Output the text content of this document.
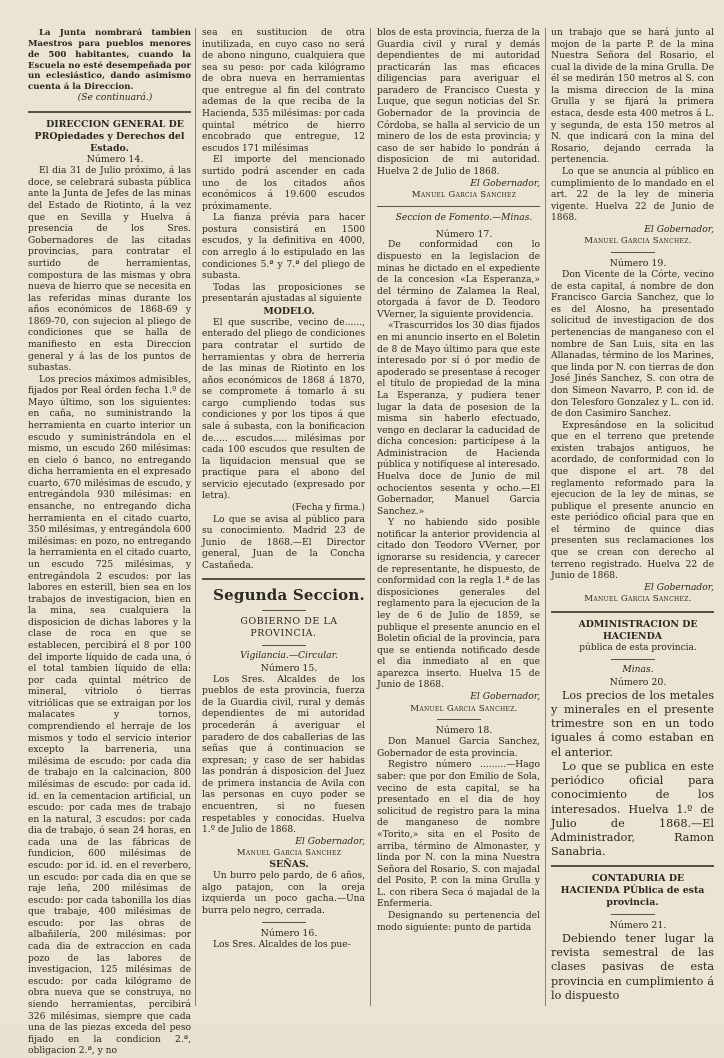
La Junta nombrará tambien Maestros para pueblos menores de 500 habitantes, cuando la Escuela no esté desempeñada por un eclesiástico, dando asimismo cuenta á la Direccion.

(Se continuará.)

DIRECCION GENERAL DE PROpiedades y Derechos del Estado.

Número 14.

El dia 31 de Julio próximo, á las doce, se celebrará subasta pública ante la Junta de Jefes de las minas del Estado de Riotinto, á la vez que en Sevilla y Huelva á presencia de los Sres. Gobernadores de las citadas provincias, para contratar el surtido de herramientas, compostura de las mismas y obra nueva de hierro que se necesita en las referidas minas durante los años económicos de 1868-69 y 1869-70, con sujecion al pliego de condiciones que se halla de manifiesto en esta Direccion general y á las de los puntos de subastas.

Los precios máximos admisibles, fijados por Real órden fecha 1.º de Mayo último, son los siguientes: en caña, no suministrando la herramienta en cuarto interior un escudo y suministrándola en el mismo, un escudo 260 milésimas: en cielo ó banco, no entregando dicha herramienta en el expresado cuarto, 670 milésimas de escudo, y entregándola 930 milésimas: en ensanche, no entregando dicha herramienta en el citado cuarto, 350 milésimas, y entregándola 600 milésimas: en pozo, no entregando la herramienta en el citado cuarto, un escudo 725 milésimas, y entregándola 2 escudos: por las labores en esterill, bien sea en los trabajos de investigacion, bien en la mina, sea cualquiera la disposicion de dichas labores y la clase de roca en que se establecen, percibirá el 8 por 100 del importe líquido de cada una, ó el total tambien líquido de ella: por cada quintal métrico de mineral, vitriolo ó tierras vitriólicas que se extraigan por los malacates y tornos, comprendiendo el herraje de los mismos y todo el servicio interior excepto la barreneria, una milésima de escudo: por cada dia de trabajo en la calcinacion, 800 milésimas de escudo: por cada id. id. en la cementacion artificial, un escudo: por cada mes de trabajo en la natural, 3 escudos: por cada dia de trabajo, ó sean 24 horas, en cada una de las fábricas de fundicion, 600 milésimas de escudo: por id. id. en el reverbero, un escudo: por cada dia en que se raje leña, 200 milésimas de escudo: por cada tabonilla los dias que trabaje, 400 milésimas de escudo: por las obras de albañilería, 200 milésimas: por cada dia de extraccion en cada pozo de las labores de investigacion, 125 milésimas de escudo: por cada kilógramo de obra nueva que se construya, no siendo herramientas, percibirá 326 milésimas, siempre que cada una de las piezas exceda del peso fijado en la condicion 2.ª, obligacion 2.ª, y no

sea en sustitucion de otra inutilizada, en cuyo caso no será de abono ninguno, cualquiera que sea su peso: por cada kilógramo de obra nueva en herramientas que entregue al fin del contrato ademas de la que reciba de la Hacienda, 535 milésimas: por cada quintal métrico de hierro encobrado que entregue, 12 escudos 171 milésimas

El importe del mencionado surtido podrá ascender en cada uno de los citados años económicos á 19.600 escudos próximamente.

La fianza prévia para hacer postura consistirá en 1500 escudos, y la definitiva en 4000, con arreglo á lo estipulado en las condiciones 5.ª y 7.ª del pliego de subasta.

Todas las proposiciones se presentarán ajustadas al siguiente

MODELO.

El que suscribe, vecino de......, enterado del pliego de condiciones para contratar el surtido de herramientas y obra de herreria de las minas de Riotinto en los años económicos de 1868 á 1870, se compromete á tomarlo á su cargo cumpliendo todas sus condiciones y por los tipos á que sale á subasta, con la bonificacion de..... escudos..... milésimas por cada 100 escudos que resulten de la liquidacion mensual que se practique para el abono del servicio ejecutado (expresado por letra).

(Fecha y firma.)

Lo que se avisa al público para su conocimiento. Madrid 23 de Junio de 1868.—El Director general, Juan de la Concha Castañeda.

Segunda Seccion.

GOBIERNO DE LA PROVINCIA.

Vigilancia.—Circular.

Número 15.

Los Sres. Alcaldes de los pueblos de esta provincia, fuerza de la Guardia civil, rural y demás dependientes de mi autoridad procederán á averiguar el paradero de dos caballerias de las señas que á continuacion se expresan; y caso de ser habidas las pondrán á disposicion del Juez de primera instancia de Avila con las personas en cuyo poder se encuentren, si no fuesen respetables y conocidas. Huelva 1.º de Julio de 1868.

El Gobernador,

Manuel Garcia Sanchez

SEÑAS.

Un burro pelo pardo, de 6 años, algo patajon, con la oreja izquierda un poco gacha.—Una burra pelo negro, cerrada.

Número 16.

Los Sres. Alcaldes de los pue-

blos de esta provincia, fuerza de la Guardia civil y rural y demás dependientes de mi autoridad practicarán las mas eficaces diligencias para averiguar el paradero de Francisco Cuesta y Luque, que segun noticias del Sr. Gobernador de la provincia de Córdoba, se halla al servicio de un minero de los de esta provincia; y caso de ser habido lo pondrán á disposicion de mi autoridad. Huelva 2 de Julio de 1868.

El Gobernador,

Manuel Garcia Sanchez

Seccion de Fomento.—Minas.

Número 17.

De conformidad con lo dispuesto en la legislacion de minas he dictado en el expediente de la concesion «La Esperanza,» del término de Zalamea la Real, otorgada á favor de D. Teodoro VVerner, la siguiente providencia.

«Trascurridos los 30 dias fijados en mi anuncio inserto en el Boletin de 8 de Mayo último para que este interesado por sí ó por medio de apoderado se presentase á recoger el título de propiedad de la mina La Esperanza, y pudiera tener lugar la data de posesion de la misma sin haberlo efectuado, vengo en declarar la caducidad de dicha concesion: particípese á la Administracion de Hacienda pública y notifíquese al interesado. Huelva doce de Junio de mil ochocientos sesenta y ocho.—El Gobernador, Manuel Garcia Sanchez.»

Y no habiendo sido posible notificar la anterior providencia al citado don Teodoro VVerner, por ignorarse su residencia, y carecer de representante, he dispuesto, de conformidad con la regla 1.ª de las disposiciones generales del reglamento para la ejecucion de la ley de 6 de Julio de 1859, se publique el presente anuncio en el Boletin oficial de la provincia, para que se entienda notificado desde el dia inmediato al en que aparezca inserto. Huelva 15 de Junio de 1868.

El Gobernador,

Manuel Garcia Sanchez.

Número 18.

Don Manuel Garcia Sanchez, Gobernador de esta provincia.

Registro número .........—Hago saber: que por don Emilio de Sola, vecino de esta capital, se ha presentado en el dia de hoy solicitud de registro para la mina de manganeso de nombre «Torito,» sita en el Posito de arriba, término de Almonaster, y linda por N. con la mina Nuestra Señora del Rosario, S. con majadal del Posito, P. con la mina Grulla y L. con ribera Seca ó majadal de la Enfermeria.

Designando su pertenencia del modo siguiente: punto de partida

un trabajo que se hará junto al mojon de la parte P. de la mina Nuestra Señora del Rosario, el cual la divide de la mina Grulla. De él se medirán 150 metros al S. con la misma direccion de la mina Grulla y se fijará la primera estaca, desde esta 400 metros á L. y segunda, de esta 150 metros al N. que indicará con la mina del Rosario, dejando cerrada la pertenencia.

Lo que se anuncia al público en cumplimiento de lo mandado en el art. 22 de la ley de mineria vigente. Huelva 22 de Junio de 1868.

El Gobernador,

Manuel Garcia Sanchez.

Número 19.

Don Vicente de la Córte, vecino de esta capital, á nombre de don Francisco Garcia Sanchez, que lo es del Alosno, ha presentado solicitud de investigacion de dos pertenencias de manganeso con el nombre de San Luis, sita en las Allanadas, término de los Marines, que linda por N. con tierras de don José Jinés Sanchez, S. con otra de don Simeon Navarro, P. con id. de don Telesforo Gonzalez y L. con id. de don Casimiro Sanchez.

Expresándose en la solicitud que en el terreno que pretende existen trabajos antiguos, he acordado, de conformidad con lo que dispone el art. 78 del reglamento reformado para la ejecucion de la ley de minas, se publique el presente anuncio en este periódico oficial para que en el término de quince dias presenten sus reclamaciones los que se crean con derecho al terreno registrado. Huelva 22 de Junio de 1868.

El Gobernador,

Manuel Garcia Sanchez.

ADMINISTRACION DE HACIENDA

pública de esta provincia.

Minas.

Número 20.

Los precios de los metales y minerales en el presente trimestre son en un todo iguales á como estaban en el anterior.

Lo que se publica en este periódico oficial para conocimiento de los interesados. Huelva 1.º de Julio de 1868.—El Administrador, Ramon Sanabria.

CONTADURIA DE HACIENDA PÚblica de esta provincia.

Número 21.

Debiendo tener lugar la revista semestral de las clases pasivas de esta provincia en cumplimiento á lo dispuesto
